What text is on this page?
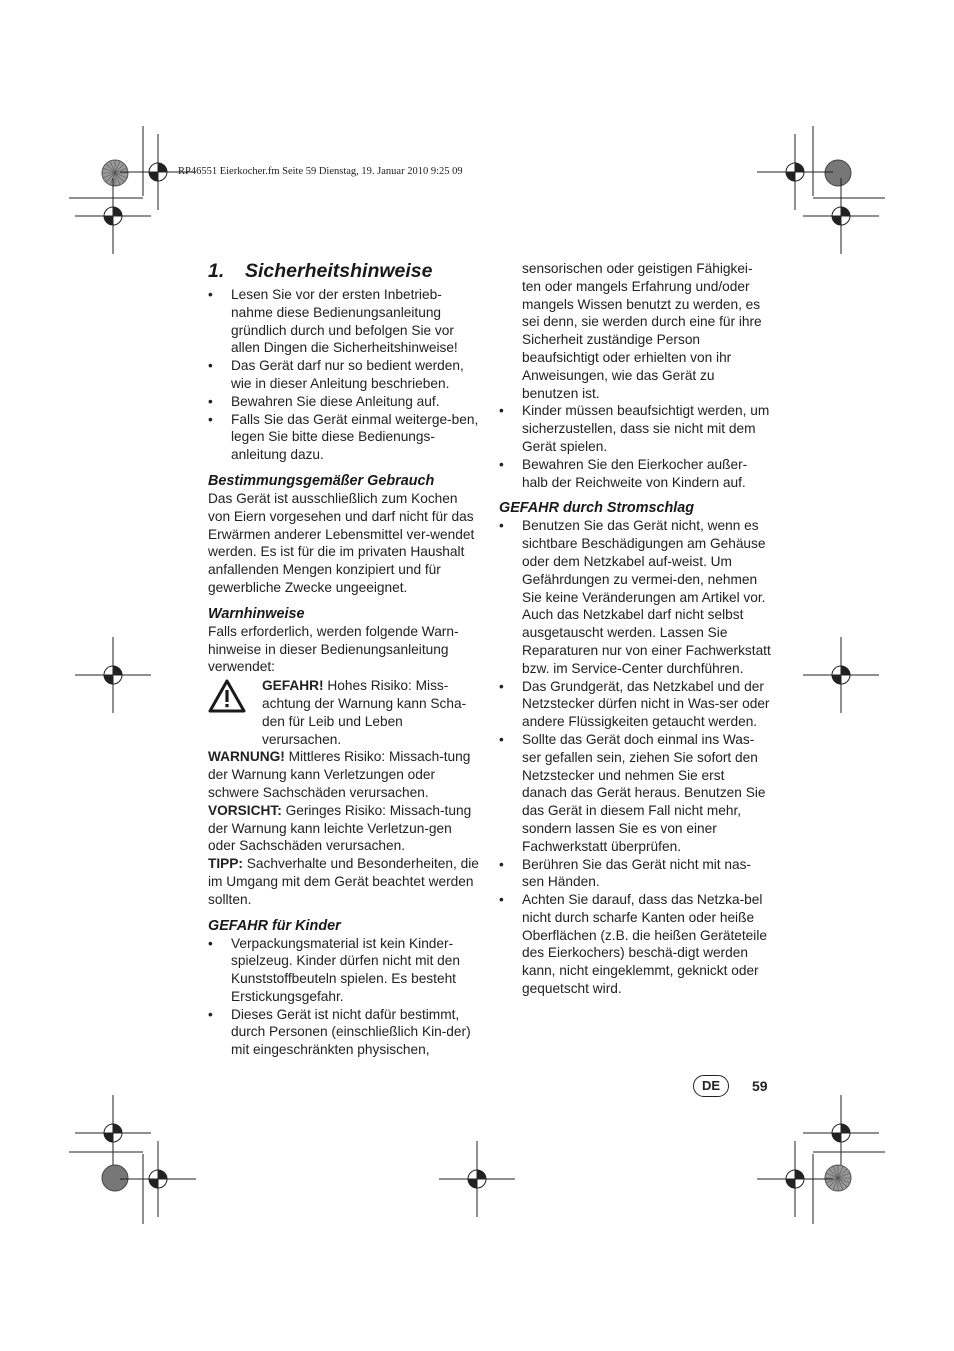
RP46551 Eierkocher.fm Seite 59 Dienstag, 19. Januar 2010 9:25 09
1. Sicherheitshinweise
• Lesen Sie vor der ersten Inbetrieb-nahme diese Bedienungsanleitung gründlich durch und befolgen Sie vor allen Dingen die Sicherheitshinweise!
• Das Gerät darf nur so bedient werden, wie in dieser Anleitung beschrieben.
• Bewahren Sie diese Anleitung auf.
• Falls Sie das Gerät einmal weiterge-ben, legen Sie bitte diese Bedienungs-anleitung dazu.
Bestimmungsgemäßer Gebrauch

Das Gerät ist ausschließlich zum Kochen von Eiern vorgesehen und darf nicht für das Erwärmen anderer Lebensmittel ver-wendet werden. Es ist für die im privaten Haushalt anfallenden Mengen konzipiert und für gewerbliche Zwecke ungeeignet.

Warnhinweise

Falls erforderlich, werden folgende Warn-hinweise in dieser Bedienungsanleitung verwendet:

GEFAHR! Hohes Risiko: Miss-achtung der Warnung kann Scha-den für Leib und Leben verursachen.

WARNUNG! Mittleres Risiko: Missach-tung der Warnung kann Verletzungen oder schwere Sachschäden verursachen.

VORSICHT: Geringes Risiko: Missach-tung der Warnung kann leichte Verletzun-gen oder Sachschäden verursachen.

TIPP: Sachverhalte und Besonderheiten, die im Umgang mit dem Gerät beachtet werden sollten.

GEFAHR für Kinder
• Verpackungsmaterial ist kein Kinder-spielzeug. Kinder dürfen nicht mit den Kunststoffbeuteln spielen. Es besteht Erstickungsgefahr.
• Dieses Gerät ist nicht dafür bestimmt, durch Personen (einschließlich Kin-der) mit eingeschränkten physischen,

sensorischen oder geistigen Fähigkei-ten oder mangels Erfahrung und/oder mangels Wissen benutzt zu werden, es sei denn, sie werden durch eine für ihre Sicherheit zuständige Person beaufsichtigt oder erhielten von ihr Anweisungen, wie das Gerät zu benutzen ist.

• Kinder müssen beaufsichtigt werden, um sicherzustellen, dass sie nicht mit dem Gerät spielen.
• Bewahren Sie den Eierkocher außer-halb der Reichweite von Kindern auf.
GEFAHR durch Stromschlag
• Benutzen Sie das Gerät nicht, wenn es sichtbare Beschädigungen am Gehäuse oder dem Netzkabel auf-weist. Um Gefährdungen zu vermei-den, nehmen Sie keine Veränderungen am Artikel vor. Auch das Netzkabel darf nicht selbst ausgetauscht werden. Lassen Sie Reparaturen nur von einer Fachwerkstatt bzw. im Service-Center durchführen.
• Das Grundgerät, das Netzkabel und der Netzstecker dürfen nicht in Was-ser oder andere Flüssigkeiten getaucht werden.
• Sollte das Gerät doch einmal ins Was-ser gefallen sein, ziehen Sie sofort den Netzstecker und nehmen Sie erst danach das Gerät heraus. Benutzen Sie das Gerät in diesem Fall nicht mehr, sondern lassen Sie es von einer Fachwerkstatt überprüfen.
• Berühren Sie das Gerät nicht mit nas-sen Händen.
• Achten Sie darauf, dass das Netzka-bel nicht durch scharfe Kanten oder heiße Oberflächen (z.B. die heißen Geräteteile des Eierkochers) beschä-digt werden kann, nicht eingeklemmt, geknickt oder gequetscht wird.
DE	59
